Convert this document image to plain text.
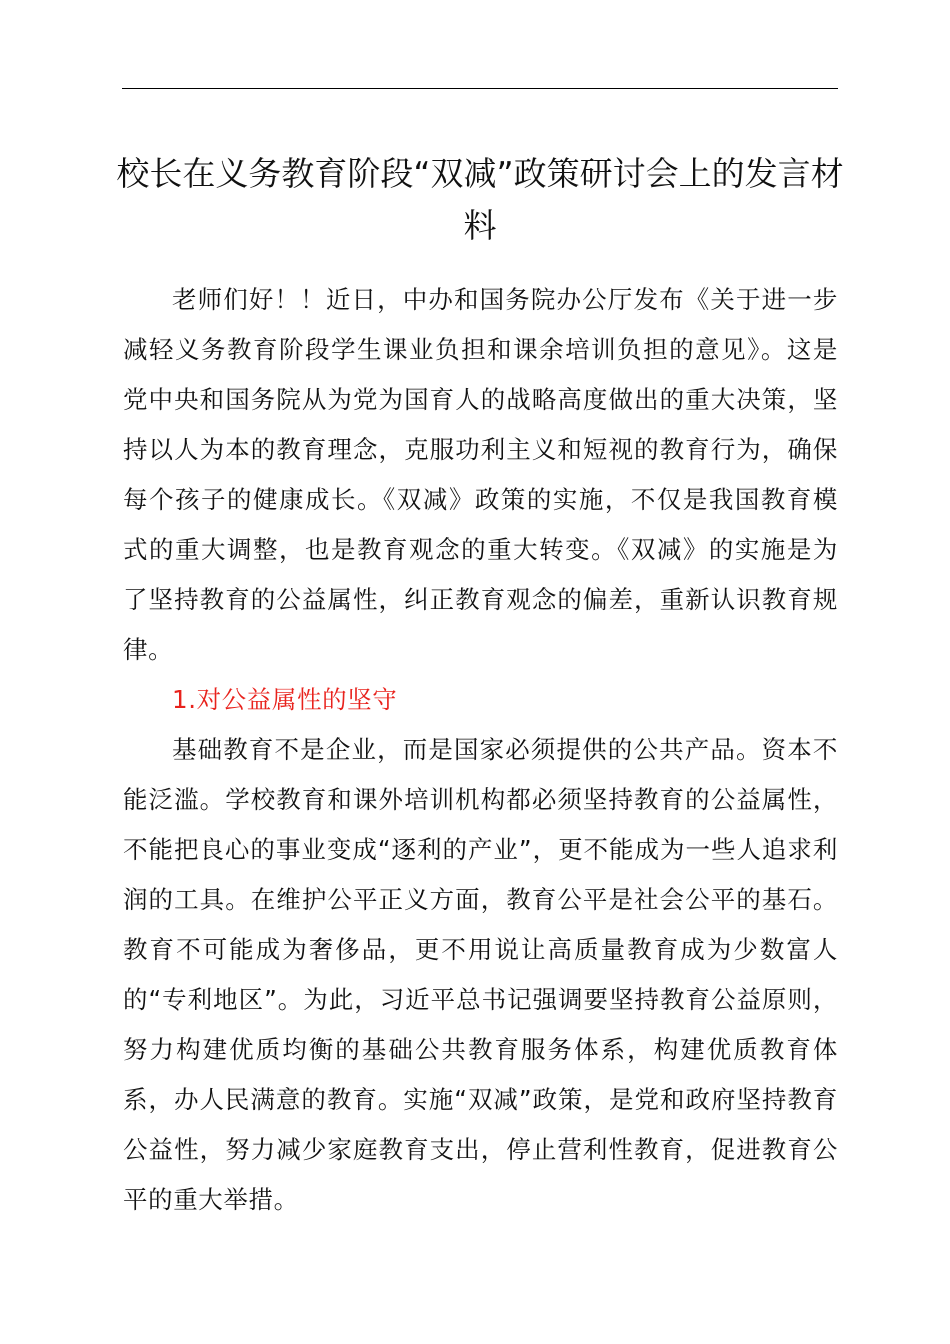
校长在义务教育阶段“双减”政策研讨会上的发言材料

老师们好！！近日，中办和国务院办公厅发布《关于进一步减轻义务教育阶段学生课业负担和课余培训负担的意见》。这是党中央和国务院从为党为国育人的战略高度做出的重大决策，坚持以人为本的教育理念，克服功利主义和短视的教育行为，确保每个孩子的健康成长。《双减》政策的实施，不仅是我国教育模式的重大调整，也是教育观念的重大转变。《双减》的实施是为了坚持教育的公益属性，纠正教育观念的偏差，重新认识教育规律。

1.对公益属性的坚守

基础教育不是企业，而是国家必须提供的公共产品。资本不能泛滥。学校教育和课外培训机构都必须坚持教育的公益属性，不能把良心的事业变成“逐利的产业”，更不能成为一些人追求利润的工具。在维护公平正义方面，教育公平是社会公平的基石。教育不可能成为奢侈品，更不用说让高质量教育成为少数富人的“专利地区”。为此，习近平总书记强调要坚持教育公益原则，努力构建优质均衡的基础公共教育服务体系，构建优质教育体系，办人民满意的教育。实施“双减”政策，是党和政府坚持教育公益性，努力减少家庭教育支出，停止营利性教育，促进教育公平的重大举措。
